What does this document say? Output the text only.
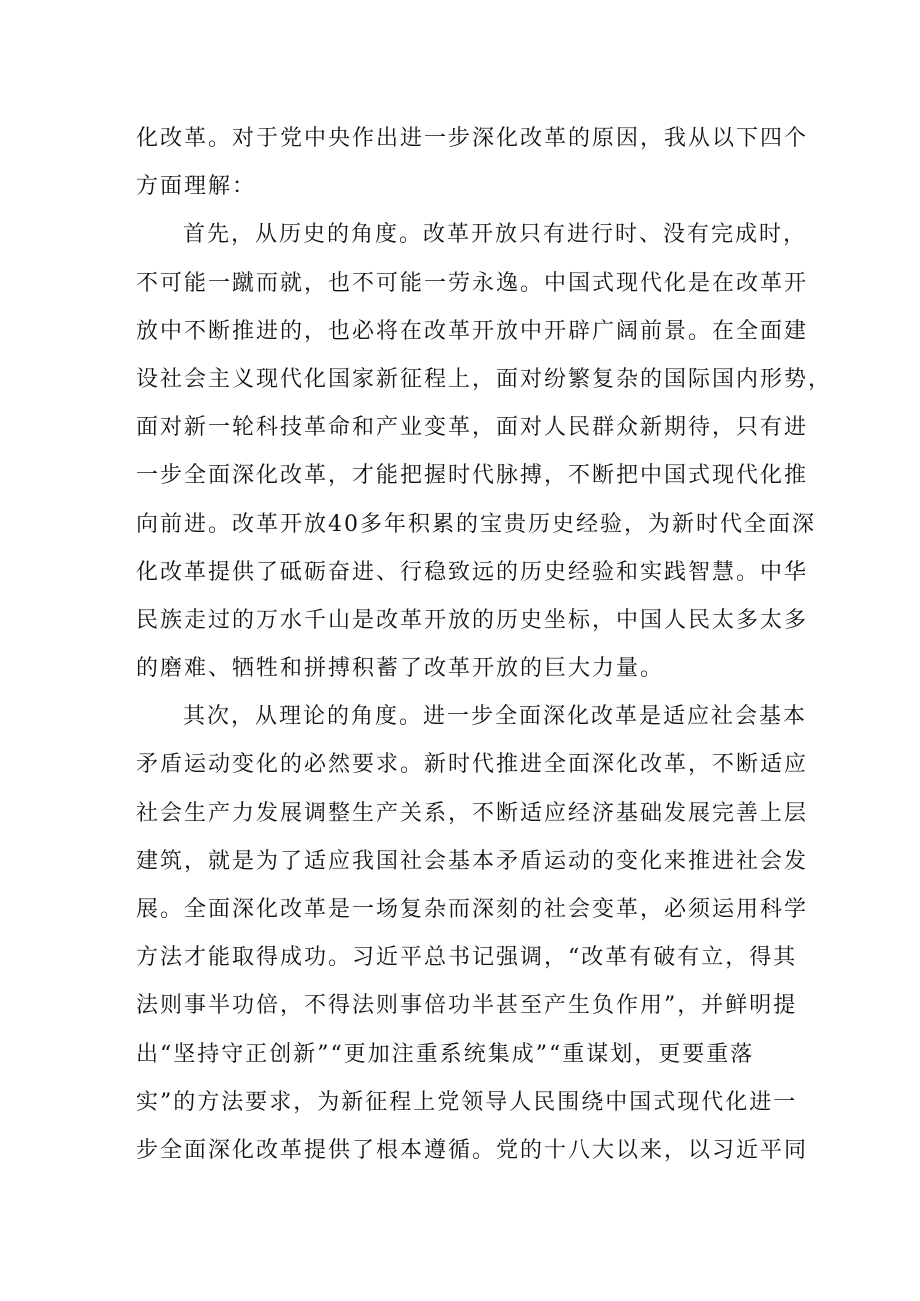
化改革。对于党中央作出进一步深化改革的原因，我从以下四个
方面理解：
首先，从历史的角度。改革开放只有进行时、没有完成时，
不可能一蹴而就，也不可能一劳永逸。中国式现代化是在改革开
放中不断推进的，也必将在改革开放中开辟广阔前景。在全面建
设社会主义现代化国家新征程上，面对纷繁复杂的国际国内形势，
面对新一轮科技革命和产业变革，面对人民群众新期待，只有进
一步全面深化改革，才能把握时代脉搏，不断把中国式现代化推
向前进。改革开放40多年积累的宝贵历史经验，为新时代全面深
化改革提供了砥砺奋进、行稳致远的历史经验和实践智慧。中华
民族走过的万水千山是改革开放的历史坐标，中国人民太多太多
的磨难、牺牲和拼搏积蓄了改革开放的巨大力量。
其次，从理论的角度。进一步全面深化改革是适应社会基本
矛盾运动变化的必然要求。新时代推进全面深化改革，不断适应
社会生产力发展调整生产关系，不断适应经济基础发展完善上层
建筑，就是为了适应我国社会基本矛盾运动的变化来推进社会发
展。全面深化改革是一场复杂而深刻的社会变革，必须运用科学
方法才能取得成功。习近平总书记强调，“改革有破有立，得其
法则事半功倍，不得法则事倍功半甚至产生负作用”，并鲜明提
出“坚持守正创新”“更加注重系统集成”“重谋划，更要重落
实”的方法要求，为新征程上党领导人民围绕中国式现代化进一
步全面深化改革提供了根本遵循。党的十八大以来，以习近平同
